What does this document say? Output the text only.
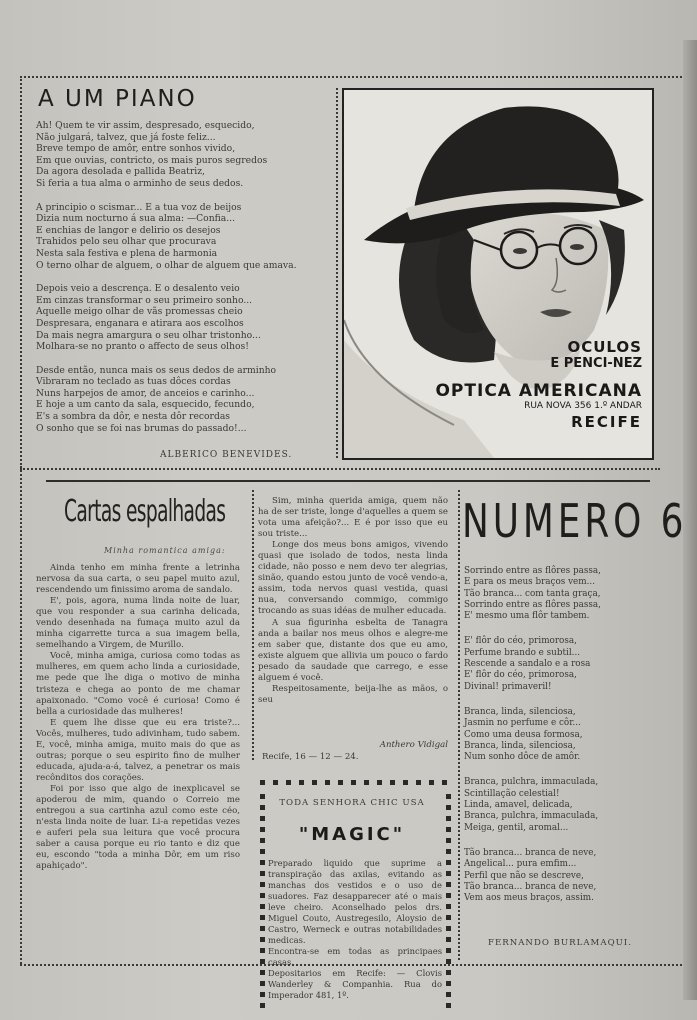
A UM PIANO
Ah! Quem te vir assim, despresado, esquecido,
Não julgará, talvez, que já foste feliz...
Breve tempo de amôr, entre sonhos vivido,
Em que ouvias, contricto, os mais puros segredos
Da agora desolada e pallida Beatriz,
Si feria a tua alma o arminho de seus dedos.
A principio o scismar... E a tua voz de beijos
Dizia num nocturno á sua alma: —Confia...
E enchias de langor e delirio os desejos
Trahidos pelo seu olhar que procurava
Nesta sala festiva e plena de harmonia
O terno olhar de alguem, o olhar de alguem que amava.
Depois veio a descrença. E o desalento veio
Em cinzas transformar o seu primeiro sonho...
Aquelle meigo olhar de vãs promessas cheio
Despresara, enganara e atirara aos escolhos
Da mais negra amargura o seu olhar tristonho...
Molhara-se no pranto o affecto de seus olhos!
Desde então, nunca mais os seus dedos de arminho
Vibraram no teclado as tuas dôces cordas
Nuns harpejos de amor, de anceios e carinho...
E hoje a um canto da sala, esquecido, fecundo,
E's a sombra da dôr, e nesta dôr recordas
O sonho que se foi nas brumas do passado!...
ALBERICO BENEVIDES.
OCULOS
E PENCI-NEZ
OPTICA AMERICANA
RUA NOVA 356 1.º ANDAR
RECIFE
Cartas espalhadas
Minha romantica amiga:

Ainda tenho em minha frente a letrinha nervosa da sua carta, o seu papel muito azul, rescendendo um finissimo aroma de sandalo.

E', pois, agora, numa linda noite de luar, que vou responder a sua carinha delicada, vendo desenhada na fumaça muito azul da minha cigarrette turca a sua imagem bella, semelhando a Virgem, de Murillo.

Você, minha amiga, curiosa como todas as mulheres, em quem acho linda a curiosidade, me pede que lhe diga o motivo de minha tristeza e chega ao ponto de me chamar apaixonado. "Como você é curiosa! Como é bella a curiosidade das mulheres!

E quem lhe disse que eu era triste?... Vocês, mulheres, tudo adivinham, tudo sabem. E, você, minha amiga, muito mais do que as outras; porque o seu espirito fino de mulher educada, ajuda-a-á, talvez, a penetrar os mais recônditos dos corações.

Foi por isso que algo de inexplicavel se apoderou de mim, quando o Correio me entregou a sua cartinha azul como este céo, n'esta linda noite de luar. Li-a repetidas vezes e auferi pela sua leitura que você procura saber a causa porque eu rio tanto e diz que eu, escondo "toda a minha Dôr, em um riso apahiçado".

Sim, minha querida amiga, quem não ha de ser triste, longe d'aquelles a quem se vota uma afeição?... E é por isso que eu sou triste...

Longe dos meus bons amigos, vivendo quasi que isolado de todos, nesta linda cidade, não posso e nem devo ter alegrias, sinão, quando estou junto de você vendo-a, assim, toda nervos quasi vestida, quasi nua, conversando commigo, commigo trocando as suas idéas de mulher educada.

A sua figurinha esbelta de Tanagra anda a bailar nos meus olhos e alegre-me em saber que, distante dos que eu amo, existe alguem que allivia um pouco o fardo pesado da saudade que carrego, e esse alguem é você.

Respeitosamente, beija-lhe as mãos, o seu

Anthero Vidigal
Recife, 16 — 12 — 24.
TODA SENHORA CHIC USA
"MAGIC"

Preparado liquido que suprime a transpiração das axilas, evitando as manchas dos vestidos e o uso de suadores. Faz desapparecer até o mais leve cheiro. Aconselhado pelos drs. Miguel Couto, Austregesilo, Aloysio de Castro, Werneck e outras notabilidades medicas.

Encontra-se em todas as principaes casas.

Depositarios em Recife: — Clovis Wanderley & Companhia. Rua do Imperador 481, 1º.

NUMERO 6
Sorrindo entre as flôres passa,
E para os meus braços vem...
Tão branca... com tanta graça,
Sorrindo entre as flôres passa,
E' mesmo uma flôr tambem.
E' flôr do céo, primorosa,
Perfume brando e subtil...
Rescende a sandalo e a rosa
E' flôr do céo, primorosa,
Divinal! primaveril!
Branca, linda, silenciosa,
Jasmin no perfume e côr...
Como uma deusa formosa,
Branca, linda, silenciosa,
Num sonho dôce de amôr.
Branca, pulchra, immaculada,
Scintillação celestial!
Linda, amavel, delicada,
Branca, pulchra, immaculada,
Meiga, gentil, aromal...
Tão branca... branca de neve,
Angelical... pura emfim...
Perfil que não se descreve,
Tão branca... branca de neve,
Vem aos meus braços, assim.
FERNANDO BURLAMAQUI.
